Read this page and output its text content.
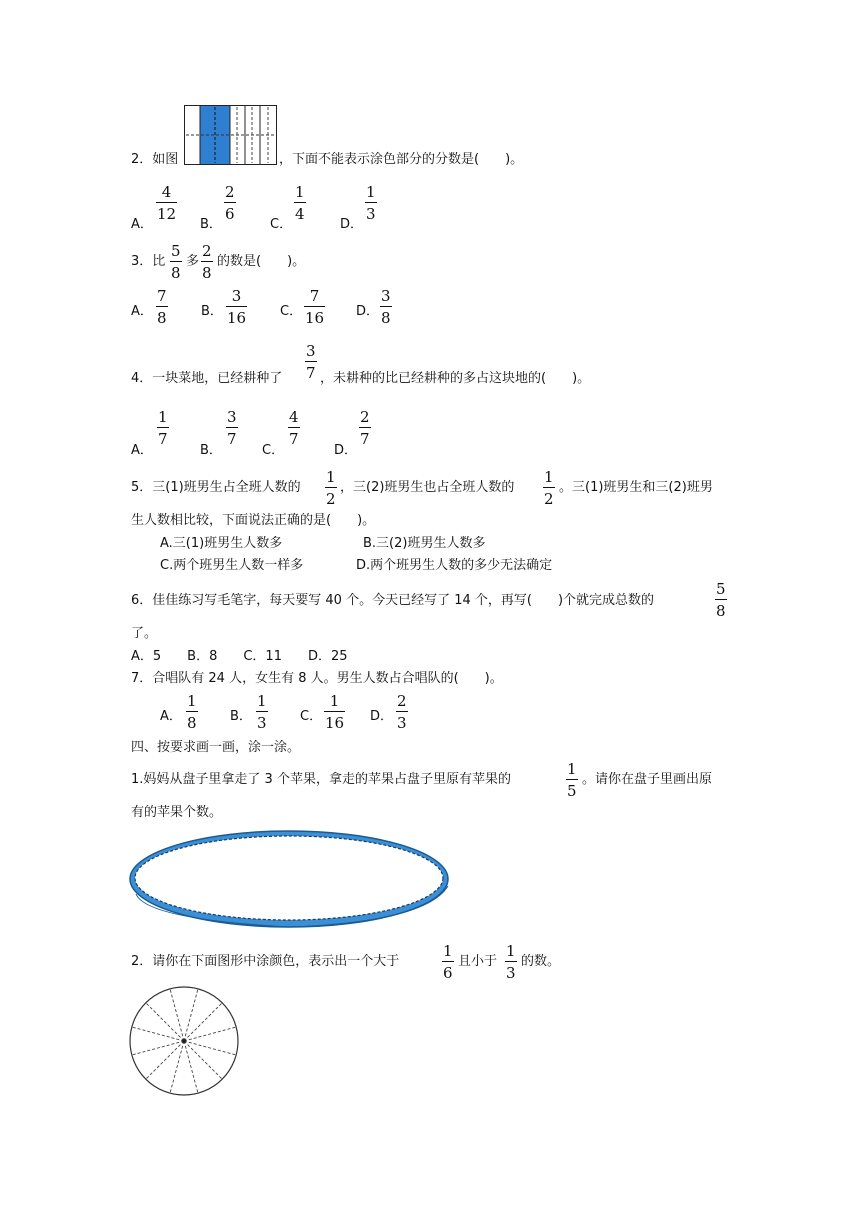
2．如图	，下面不能表示涂色部分的分数是(　　)。
A．
4
12
B．
2
6
C．
1
4
D．
1
3
3．比
5
8
多
2
8
的数是(　　)。
A．
7
8	B．
3
16	C．
7
16 D．
3
8
4．一块菜地，已经耕种了
3
7 ，未耕种的比已经耕种的多占这块地的(　　)。
A．
1
7
B．
3
7
C．
4
7
D．
2
7
5．三(1)班男生占全班人数的
1
2
，三(2)班男生也占全班人数的
1
2
。三(1)班男生和三(2)班男
生人数相比较，下面说法正确的是(　　)。
A.三(1)班男生人数多	B.三(2)班男生人数多
C.两个班男生人数一样多	D.两个班男生人数的多少无法确定
6．佳佳练习写毛笔字，每天要写 40 个。今天已经写了 14 个，再写(　　)个就完成总数的
5
8
了。
A．5　　B．8　　C．11　　D．25
7．合唱队有 24 人，女生有 8 人。男生人数占合唱队的(　　)。
A．
1
8	B．
1
3	C．
1
16 D．
2
3
四、按要求画一画，涂一涂。
1.妈妈从盘子里拿走了 3 个苹果，拿走的苹果占盘子里原有苹果的
1
5
。请你在盘子里画出原
有的苹果个数。
2．请你在下面图形中涂颜色，表示出一个大于
1
6
且小于
1
3
的数。
